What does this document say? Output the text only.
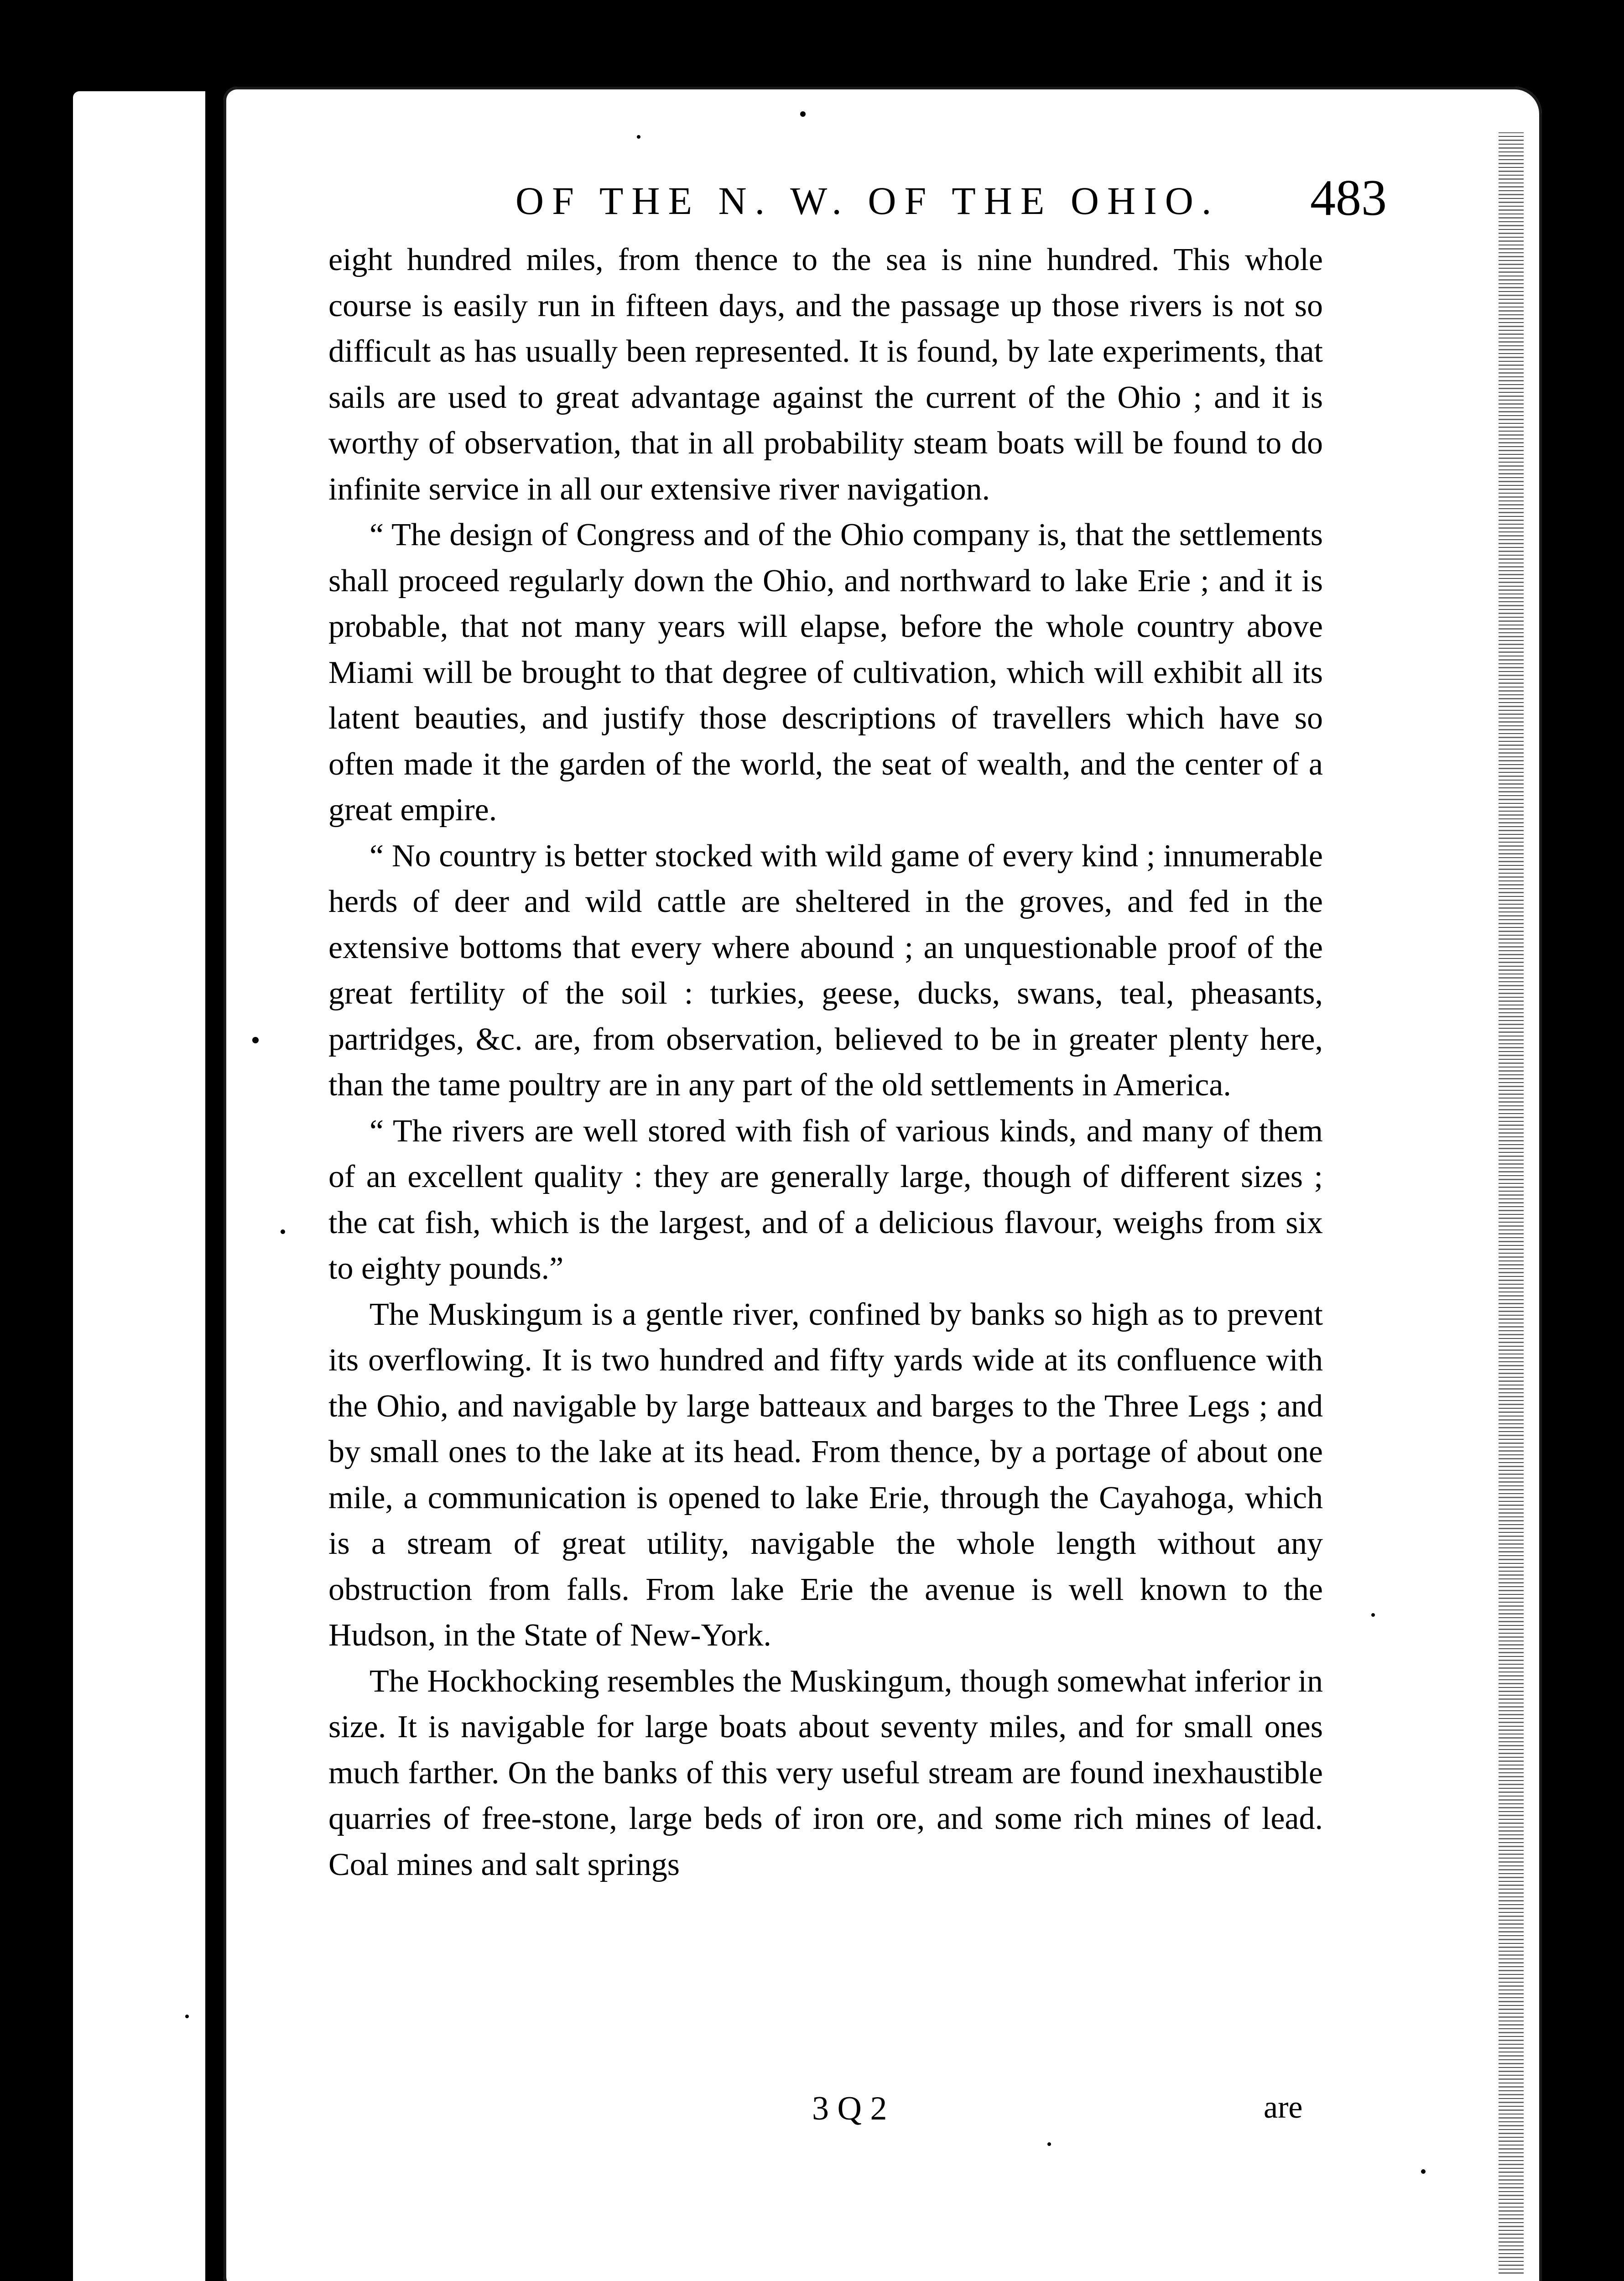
OF THE N. W. OF THE OHIO. 483

eight hundred miles, from thence to the sea is nine hundred. This whole course is easily run in fifteen days, and the passage up those rivers is not so difficult as has usually been represented. It is found, by late experiments, that sails are used to great advantage against the current of the Ohio ; and it is worthy of observation, that in all probability steam boats will be found to do infinite service in all our extensive river navigation.

“ The design of Congress and of the Ohio company is, that the settlements shall proceed regularly down the Ohio, and northward to lake Erie ; and it is probable, that not many years will elapse, before the whole country above Miami will be brought to that degree of cultivation, which will exhibit all its latent beauties, and justify those descriptions of travellers which have so often made it the garden of the world, the seat of wealth, and the center of a great empire.

“ No country is better stocked with wild game of every kind ; innumerable herds of deer and wild cattle are sheltered in the groves, and fed in the extensive bottoms that every where abound ; an unquestionable proof of the great fertility of the soil : turkies, geese, ducks, swans, teal, pheasants, partridges, &c. are, from observation, believed to be in greater plenty here, than the tame poultry are in any part of the old settlements in America.

“ The rivers are well stored with fish of various kinds, and many of them of an excellent quality : they are generally large, though of different sizes ; the cat fish, which is the largest, and of a delicious flavour, weighs from six to eighty pounds.”

The Muskingum is a gentle river, confined by banks so high as to prevent its overflowing. It is two hundred and fifty yards wide at its confluence with the Ohio, and navigable by large batteaux and barges to the Three Legs ; and by small ones to the lake at its head. From thence, by a portage of about one mile, a communication is opened to lake Erie, through the Cayahoga, which is a stream of great utility, navigable the whole length without any obstruction from falls. From lake Erie the avenue is well known to the Hudson, in the State of New-York.

The Hockhocking resembles the Muskingum, though somewhat inferior in size. It is navigable for large boats about seventy miles, and for small ones much farther. On the banks of this very useful stream are found inexhaustible quarries of free-stone, large beds of iron ore, and some rich mines of lead. Coal mines and salt springs

3 Q 2	are
